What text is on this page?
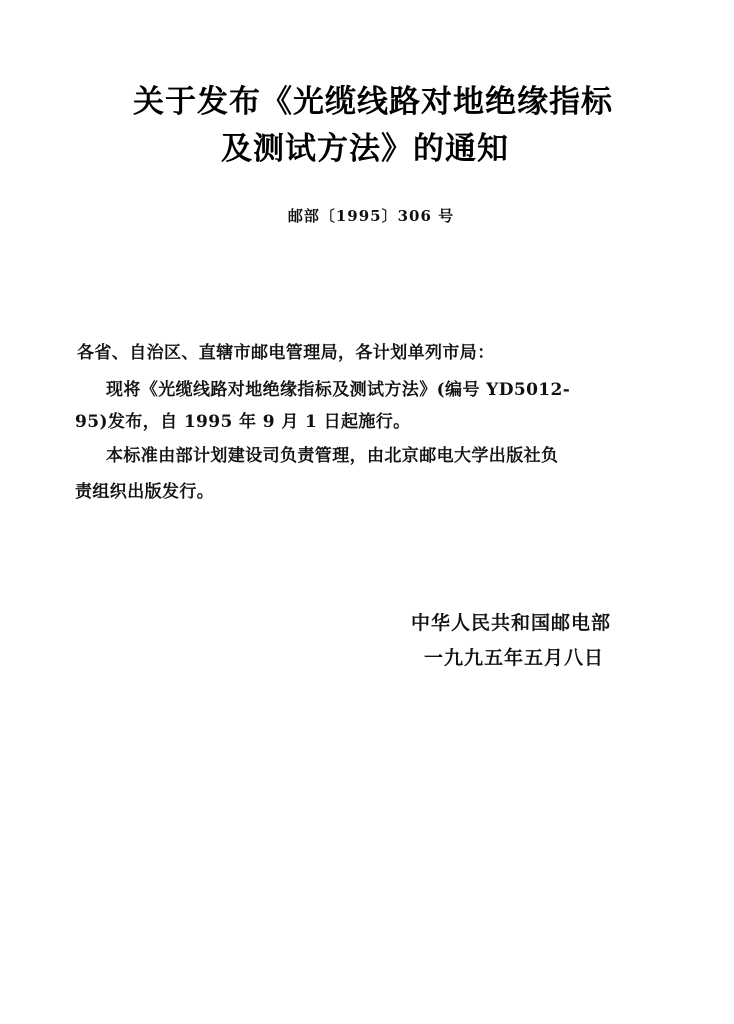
关于发布《光缆线路对地绝缘指标
及测试方法》的通知
邮部〔1995〕306 号
各省、自治区、直辖市邮电管理局，各计划单列市局：
现将《光缆线路对地绝缘指标及测试方法》(编号 YD5012-
95)发布，自 1995 年 9 月 1 日起施行。
本标准由部计划建设司负责管理，由北京邮电大学出版社负
责组织出版发行。
中华人民共和国邮电部
一九九五年五月八日
